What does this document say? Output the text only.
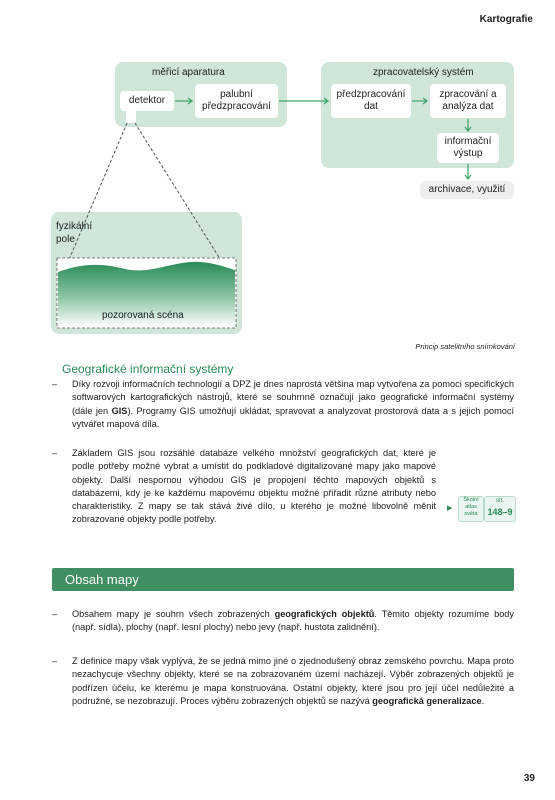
Kartografie
měřicí aparatura	zpracovatelský systém
detektor
palubní předzpracování
předzpracování dat
zpracování a analýza dat
informační výstup
archivace, využití
fyzikální
pole
pozorovaná scéna
Princip satelitního snímkování
Geografické informační systémy
– Díky rozvoji informačních technologií a DPZ je dnes naprostá většina map vytvořena za pomoci specifických softwarových kartografických nástrojů, které se souhrnně označují jako geografické informační systémy (dále jen GIS). Programy GIS umožňují ukládat, spravovat a analyzovat prostorová data a s jejich pomocí vytvářet mapová díla.
– Základem GIS jsou rozsáhlé databáze velkého množství geografických dat, které je podle potřeby možné vybrat a umístit do podkladové digitalizované mapy jako mapové objekty. Další nespornou výhodou GIS je propojení těchto mapových objektů s databázemi, kdy je ke každému mapovému objektu možné přiřadit různé atributy nebo charakteristiky. Z mapy se tak stává živé dílo, u kterého je možné libovolně měnit zobrazované objekty podle potřeby.
▶
Školní
atlas
světa
str.
148–9
Obsah mapy
– Obsahem mapy je souhrn všech zobrazených geografických objektů. Těmito objekty rozumíme body (např. sídla), plochy (např. lesní plochy) nebo jevy (např. hustota zalidnění).
– Z definice mapy však vyplývá, že se jedná mimo jiné o zjednodušený obraz zemského povrchu. Mapa proto nezachycuje všechny objekty, které se na zobrazovaném území nacházejí. Výběr zobrazených objektů je podřízen účelu, ke kterému je mapa konstruována. Ostatní objekty, které jsou pro její účel nedůležité a podružné, se nezobrazují. Proces výběru zobrazených objektů se nazývá geografická generalizace.
39
